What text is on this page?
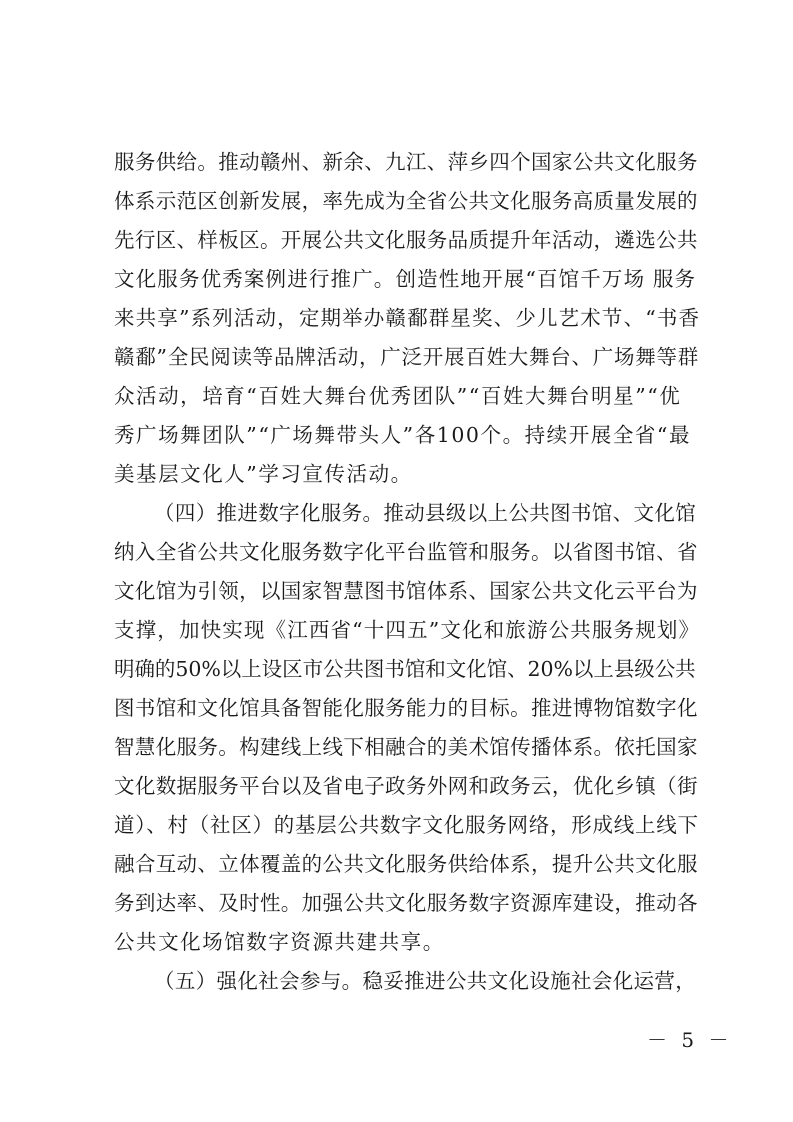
服务供给。推动赣州、新余、九江、萍乡四个国家公共文化服务
体系示范区创新发展，率先成为全省公共文化服务高质量发展的
先行区、样板区。开展公共文化服务品质提升年活动，遴选公共
文化服务优秀案例进行推广。创造性地开展“百馆千万场 服务
来共享”系列活动，定期举办赣鄱群星奖、少儿艺术节、“书香
赣鄱”全民阅读等品牌活动，广泛开展百姓大舞台、广场舞等群
众活动，培育“百姓大舞台优秀团队”“百姓大舞台明星”“优
秀广场舞团队”“广场舞带头人”各100个。持续开展全省“最
美基层文化人”学习宣传活动。
（四）推进数字化服务。推动县级以上公共图书馆、文化馆
纳入全省公共文化服务数字化平台监管和服务。以省图书馆、省
文化馆为引领，以国家智慧图书馆体系、国家公共文化云平台为
支撑，加快实现《江西省“十四五”文化和旅游公共服务规划》
明确的50%以上设区市公共图书馆和文化馆、20%以上县级公共
图书馆和文化馆具备智能化服务能力的目标。推进博物馆数字化
智慧化服务。构建线上线下相融合的美术馆传播体系。依托国家
文化数据服务平台以及省电子政务外网和政务云，优化乡镇（街
道）、村（社区）的基层公共数字文化服务网络，形成线上线下
融合互动、立体覆盖的公共文化服务供给体系，提升公共文化服
务到达率、及时性。加强公共文化服务数字资源库建设，推动各
公共文化场馆数字资源共建共享。
（五）强化社会参与。稳妥推进公共文化设施社会化运营，
－ 5 －
